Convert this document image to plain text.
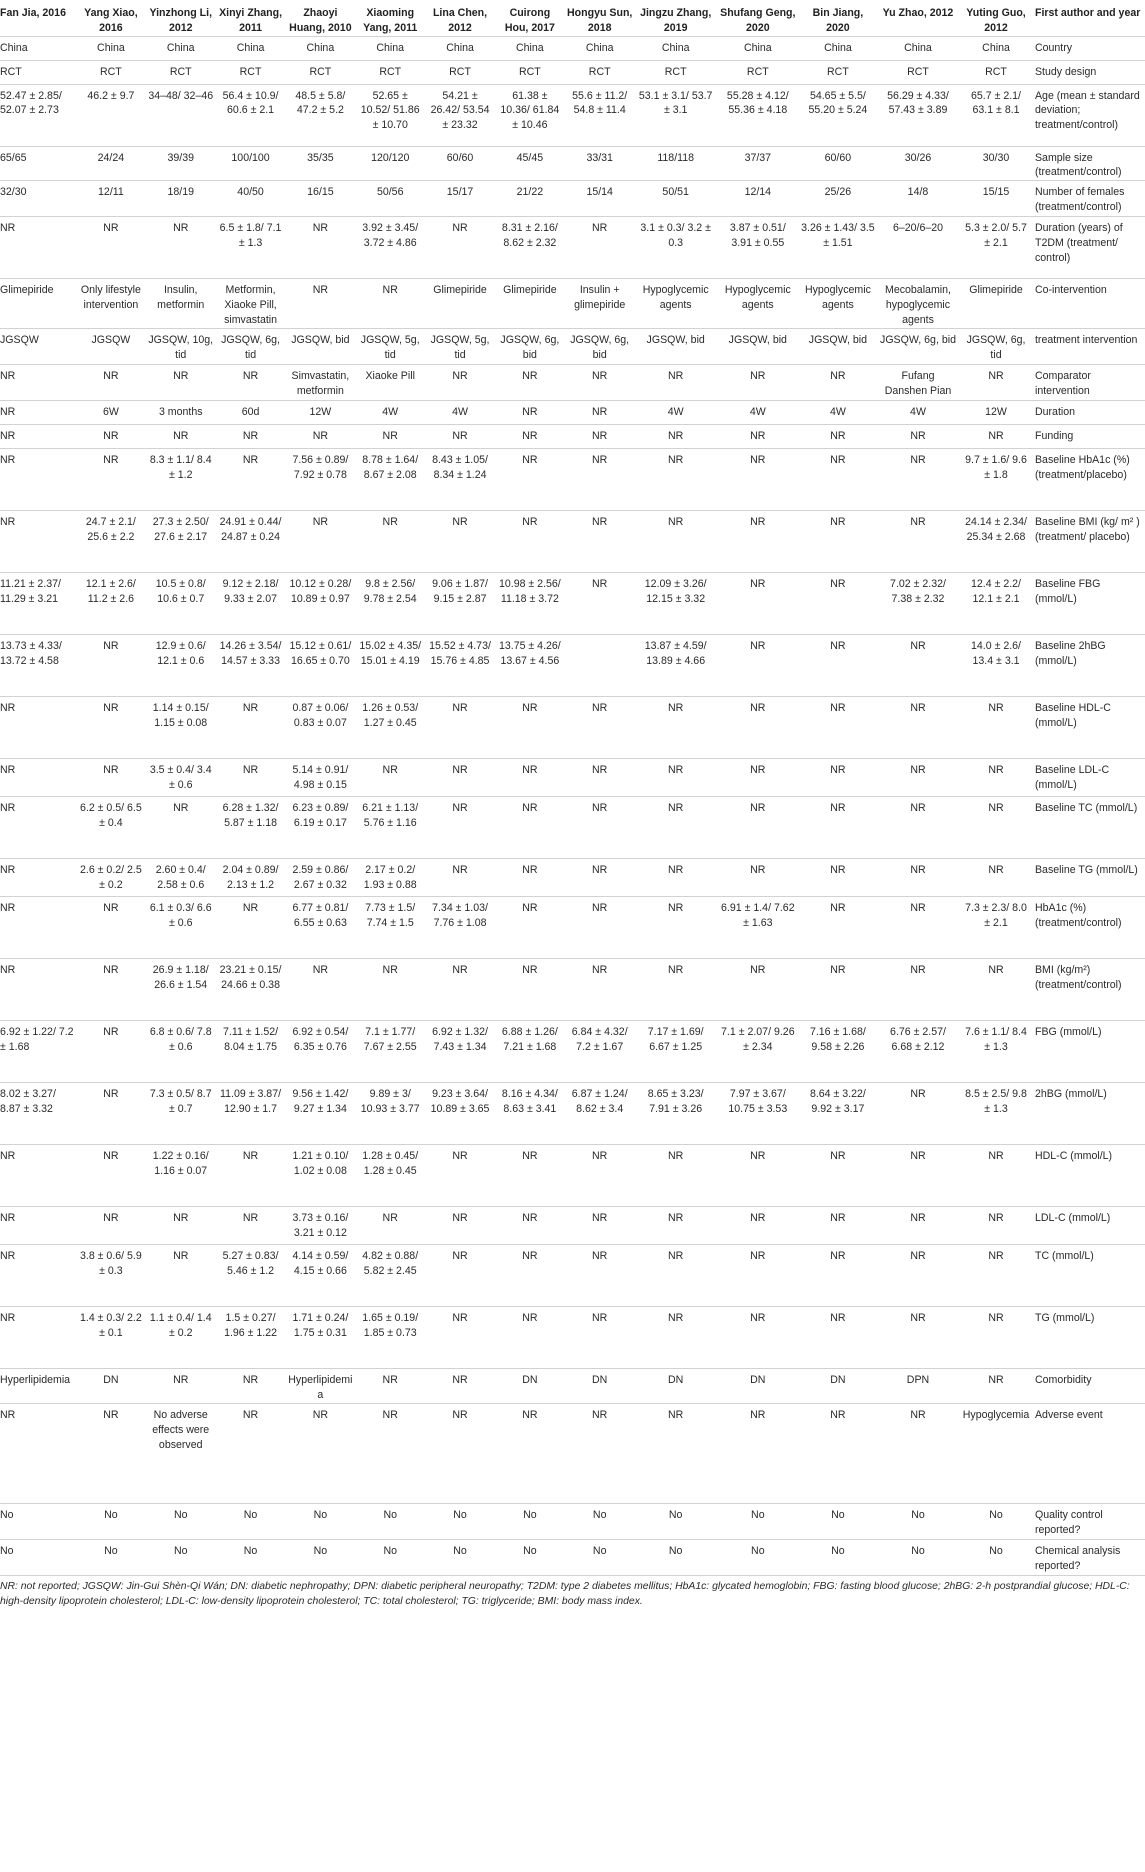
Fan Jia, 2016	Yang Xiao, 2016	Yinzhong Li, 2012	Xinyi Zhang, 2011	Zhaoyi Huang, 2010	Xiaoming Yang, 2011	Lina Chen, 2012	Cuirong Hou, 2017	Hongyu Sun, 2018	Jingzu Zhang, 2019	Shufang Geng, 2020	Bin Jiang, 2020	Yu Zhao, 2012	Yuting Guo, 2012	First author and year
China	China	China	China	China	China	China	China	China	China	China	China	China	China	Country
RCT	RCT	RCT	RCT	RCT	RCT	RCT	RCT	RCT	RCT	RCT	RCT	RCT	RCT	Study design
52.47 ± 2.85/ 52.07 ± 2.73	46.2 ± 9.7	34–48/ 32–46	56.4 ± 10.9/ 60.6 ± 2.1	48.5 ± 5.8/ 47.2 ± 5.2	52.65 ± 10.52/ 51.86 ± 10.70	54.21 ± 26.42/ 53.54 ± 23.32	61.38 ± 10.36/ 61.84 ± 10.46	55.6 ± 11.2/ 54.8 ± 11.4	53.1 ± 3.1/ 53.7 ± 3.1	55.28 ± 4.12/ 55.36 ± 4.18	54.65 ± 5.5/ 55.20 ± 5.24	56.29 ± 4.33/ 57.43 ± 3.89	65.7 ± 2.1/ 63.1 ± 8.1	Age (mean ± standard deviation; treatment/control)
65/65	24/24	39/39	100/100	35/35	120/120	60/60	45/45	33/31	118/118	37/37	60/60	30/26	30/30	Sample size (treatment/control)
32/30	12/11	18/19	40/50	16/15	50/56	15/17	21/22	15/14	50/51	12/14	25/26	14/8	15/15	Number of females (treatment/control)
NR	NR	NR	6.5 ± 1.8/ 7.1 ± 1.3	NR	3.92 ± 3.45/ 3.72 ± 4.86	NR	8.31 ± 2.16/ 8.62 ± 2.32	NR	3.1 ± 0.3/ 3.2 ± 0.3	3.87 ± 0.51/ 3.91 ± 0.55	3.26 ± 1.43/ 3.5 ± 1.51	6–20/6–20	5.3 ± 2.0/ 5.7 ± 2.1	Duration (years) of T2DM (treatment/ control)
Glimepiride	Only lifestyle intervention	Insulin, metformin	Metformin, Xiaoke Pill, simvastatin	NR	NR	Glimepiride	Glimepiride	Insulin + glimepiride	Hypoglycemic agents	Hypoglycemic agents	Hypoglycemic agents	Mecobalamin, hypoglycemic agents	Glimepiride	Co-intervention
JGSQW	JGSQW	JGSQW, 10g, tid	JGSQW, 6g, tid	JGSQW, bid	JGSQW, 5g, tid	JGSQW, 5g, tid	JGSQW, 6g, bid	JGSQW, 6g, bid	JGSQW, bid	JGSQW, bid	JGSQW, bid	JGSQW, 6g, bid	JGSQW, 6g, tid	treatment intervention
NR	NR	NR	NR	Simvastatin, metformin	Xiaoke Pill	NR	NR	NR	NR	NR	NR	Fufang Danshen Pian	NR	Comparator intervention
NR	6W	3 months	60d	12W	4W	4W	NR	NR	4W	4W	4W	4W	12W	Duration
NR	NR	NR	NR	NR	NR	NR	NR	NR	NR	NR	NR	NR	NR	Funding
NR	NR	8.3 ± 1.1/ 8.4 ± 1.2	NR	7.56 ± 0.89/ 7.92 ± 0.78	8.78 ± 1.64/ 8.67 ± 2.08	8.43 ± 1.05/ 8.34 ± 1.24	NR	NR	NR	NR	NR	NR	9.7 ± 1.6/ 9.6 ± 1.8	Baseline HbA1c (%) (treatment/placebo)
NR	24.7 ± 2.1/ 25.6 ± 2.2	27.3 ± 2.50/ 27.6 ± 2.17	24.91 ± 0.44/ 24.87 ± 0.24	NR	NR	NR	NR	NR	NR	NR	NR	NR	24.14 ± 2.34/ 25.34 ± 2.68	Baseline BMI (kg/ m² ) (treatment/ placebo)
11.21 ± 2.37/ 11.29 ± 3.21	12.1 ± 2.6/ 11.2 ± 2.6	10.5 ± 0.8/ 10.6 ± 0.7	9.12 ± 2.18/ 9.33 ± 2.07	10.12 ± 0.28/ 10.89 ± 0.97	9.8 ± 2.56/ 9.78 ± 2.54	9.06 ± 1.87/ 9.15 ± 2.87	10.98 ± 2.56/ 11.18 ± 3.72	NR	12.09 ± 3.26/ 12.15 ± 3.32	NR	NR	7.02 ± 2.32/ 7.38 ± 2.32	12.4 ± 2.2/ 12.1 ± 2.1	Baseline FBG (mmol/L)
13.73 ± 4.33/ 13.72 ± 4.58	NR	12.9 ± 0.6/ 12.1 ± 0.6	14.26 ± 3.54/ 14.57 ± 3.33	15.12 ± 0.61/ 16.65 ± 0.70	15.02 ± 4.35/ 15.01 ± 4.19	15.52 ± 4.73/ 15.76 ± 4.85	13.75 ± 4.26/ 13.67 ± 4.56		13.87 ± 4.59/ 13.89 ± 4.66	NR	NR	NR	14.0 ± 2.6/ 13.4 ± 3.1	Baseline 2hBG (mmol/L)
NR	NR	1.14 ± 0.15/ 1.15 ± 0.08	NR	0.87 ± 0.06/ 0.83 ± 0.07	1.26 ± 0.53/ 1.27 ± 0.45	NR	NR	NR	NR	NR	NR	NR	NR	Baseline HDL-C (mmol/L)
NR	NR	3.5 ± 0.4/ 3.4 ± 0.6	NR	5.14 ± 0.91/ 4.98 ± 0.15	NR	NR	NR	NR	NR	NR	NR	NR	NR	Baseline LDL-C (mmol/L)
NR	6.2 ± 0.5/ 6.5 ± 0.4	NR	6.28 ± 1.32/ 5.87 ± 1.18	6.23 ± 0.89/ 6.19 ± 0.17	6.21 ± 1.13/ 5.76 ± 1.16	NR	NR	NR	NR	NR	NR	NR	NR	Baseline TC (mmol/L)
NR	2.6 ± 0.2/ 2.5 ± 0.2	2.60 ± 0.4/ 2.58 ± 0.6	2.04 ± 0.89/ 2.13 ± 1.2	2.59 ± 0.86/ 2.67 ± 0.32	2.17 ± 0.2/ 1.93 ± 0.88	NR	NR	NR	NR	NR	NR	NR	NR	Baseline TG (mmol/L)
NR	NR	6.1 ± 0.3/ 6.6 ± 0.6	NR	6.77 ± 0.81/ 6.55 ± 0.63	7.73 ± 1.5/ 7.74 ± 1.5	7.34 ± 1.03/ 7.76 ± 1.08	NR	NR	NR	6.91 ± 1.4/ 7.62 ± 1.63	NR	NR	7.3 ± 2.3/ 8.0 ± 2.1	HbA1c (%) (treatment/control)
NR	NR	26.9 ± 1.18/ 26.6 ± 1.54	23.21 ± 0.15/ 24.66 ± 0.38	NR	NR	NR	NR	NR	NR	NR	NR	NR	NR	BMI (kg/m²) (treatment/control)
6.92 ± 1.22/ 7.2 ± 1.68	NR	6.8 ± 0.6/ 7.8 ± 0.6	7.11 ± 1.52/ 8.04 ± 1.75	6.92 ± 0.54/ 6.35 ± 0.76	7.1 ± 1.77/ 7.67 ± 2.55	6.92 ± 1.32/ 7.43 ± 1.34	6.88 ± 1.26/ 7.21 ± 1.68	6.84 ± 4.32/ 7.2 ± 1.67	7.17 ± 1.69/ 6.67 ± 1.25	7.1 ± 2.07/ 9.26 ± 2.34	7.16 ± 1.68/ 9.58 ± 2.26	6.76 ± 2.57/ 6.68 ± 2.12	7.6 ± 1.1/ 8.4 ± 1.3	FBG (mmol/L)
8.02 ± 3.27/ 8.87 ± 3.32	NR	7.3 ± 0.5/ 8.7 ± 0.7	11.09 ± 3.87/ 12.90 ± 1.7	9.56 ± 1.42/ 9.27 ± 1.34	9.89 ± 3/ 10.93 ± 3.77	9.23 ± 3.64/ 10.89 ± 3.65	8.16 ± 4.34/ 8.63 ± 3.41	6.87 ± 1.24/ 8.62 ± 3.4	8.65 ± 3.23/ 7.91 ± 3.26	7.97 ± 3.67/ 10.75 ± 3.53	8.64 ± 3.22/ 9.92 ± 3.17	NR	8.5 ± 2.5/ 9.8 ± 1.3	2hBG (mmol/L)
NR	NR	1.22 ± 0.16/ 1.16 ± 0.07	NR	1.21 ± 0.10/ 1.02 ± 0.08	1.28 ± 0.45/ 1.28 ± 0.45	NR	NR	NR	NR	NR	NR	NR	NR	HDL-C (mmol/L)
NR	NR	NR	NR	3.73 ± 0.16/ 3.21 ± 0.12	NR	NR	NR	NR	NR	NR	NR	NR	NR	LDL-C (mmol/L)
NR	3.8 ± 0.6/ 5.9 ± 0.3	NR	5.27 ± 0.83/ 5.46 ± 1.2	4.14 ± 0.59/ 4.15 ± 0.66	4.82 ± 0.88/ 5.82 ± 2.45	NR	NR	NR	NR	NR	NR	NR	NR	TC (mmol/L)
NR	1.4 ± 0.3/ 2.2 ± 0.1	1.1 ± 0.4/ 1.4 ± 0.2	1.5 ± 0.27/ 1.96 ± 1.22	1.71 ± 0.24/ 1.75 ± 0.31	1.65 ± 0.19/ 1.85 ± 0.73	NR	NR	NR	NR	NR	NR	NR	NR	TG (mmol/L)
Hyperlipidemia	DN	NR	NR	Hyperlipidemia	NR	NR	DN	DN	DN	DN	DN	DPN	NR	Comorbidity
NR	NR	No adverse effects were observed	NR	NR	NR	NR	NR	NR	NR	NR	NR	NR	Hypoglycemia	Adverse event
No	No	No	No	No	No	No	No	No	No	No	No	No	No	Quality control reported?
No	No	No	No	No	No	No	No	No	No	No	No	No	No	Chemical analysis reported?

NR: not reported; JGSQW: Jin-Gui Shèn-Qi Wán; DN: diabetic nephropathy; DPN: diabetic peripheral neuropathy; T2DM: type 2 diabetes mellitus; HbA1c: glycated hemoglobin; FBG: fasting blood glucose; 2hBG: 2-h postprandial glucose; HDL-C: high-density lipoprotein cholesterol; LDL-C: low-density lipoprotein cholesterol; TC: total cholesterol; TG: triglyceride; BMI: body mass index.
